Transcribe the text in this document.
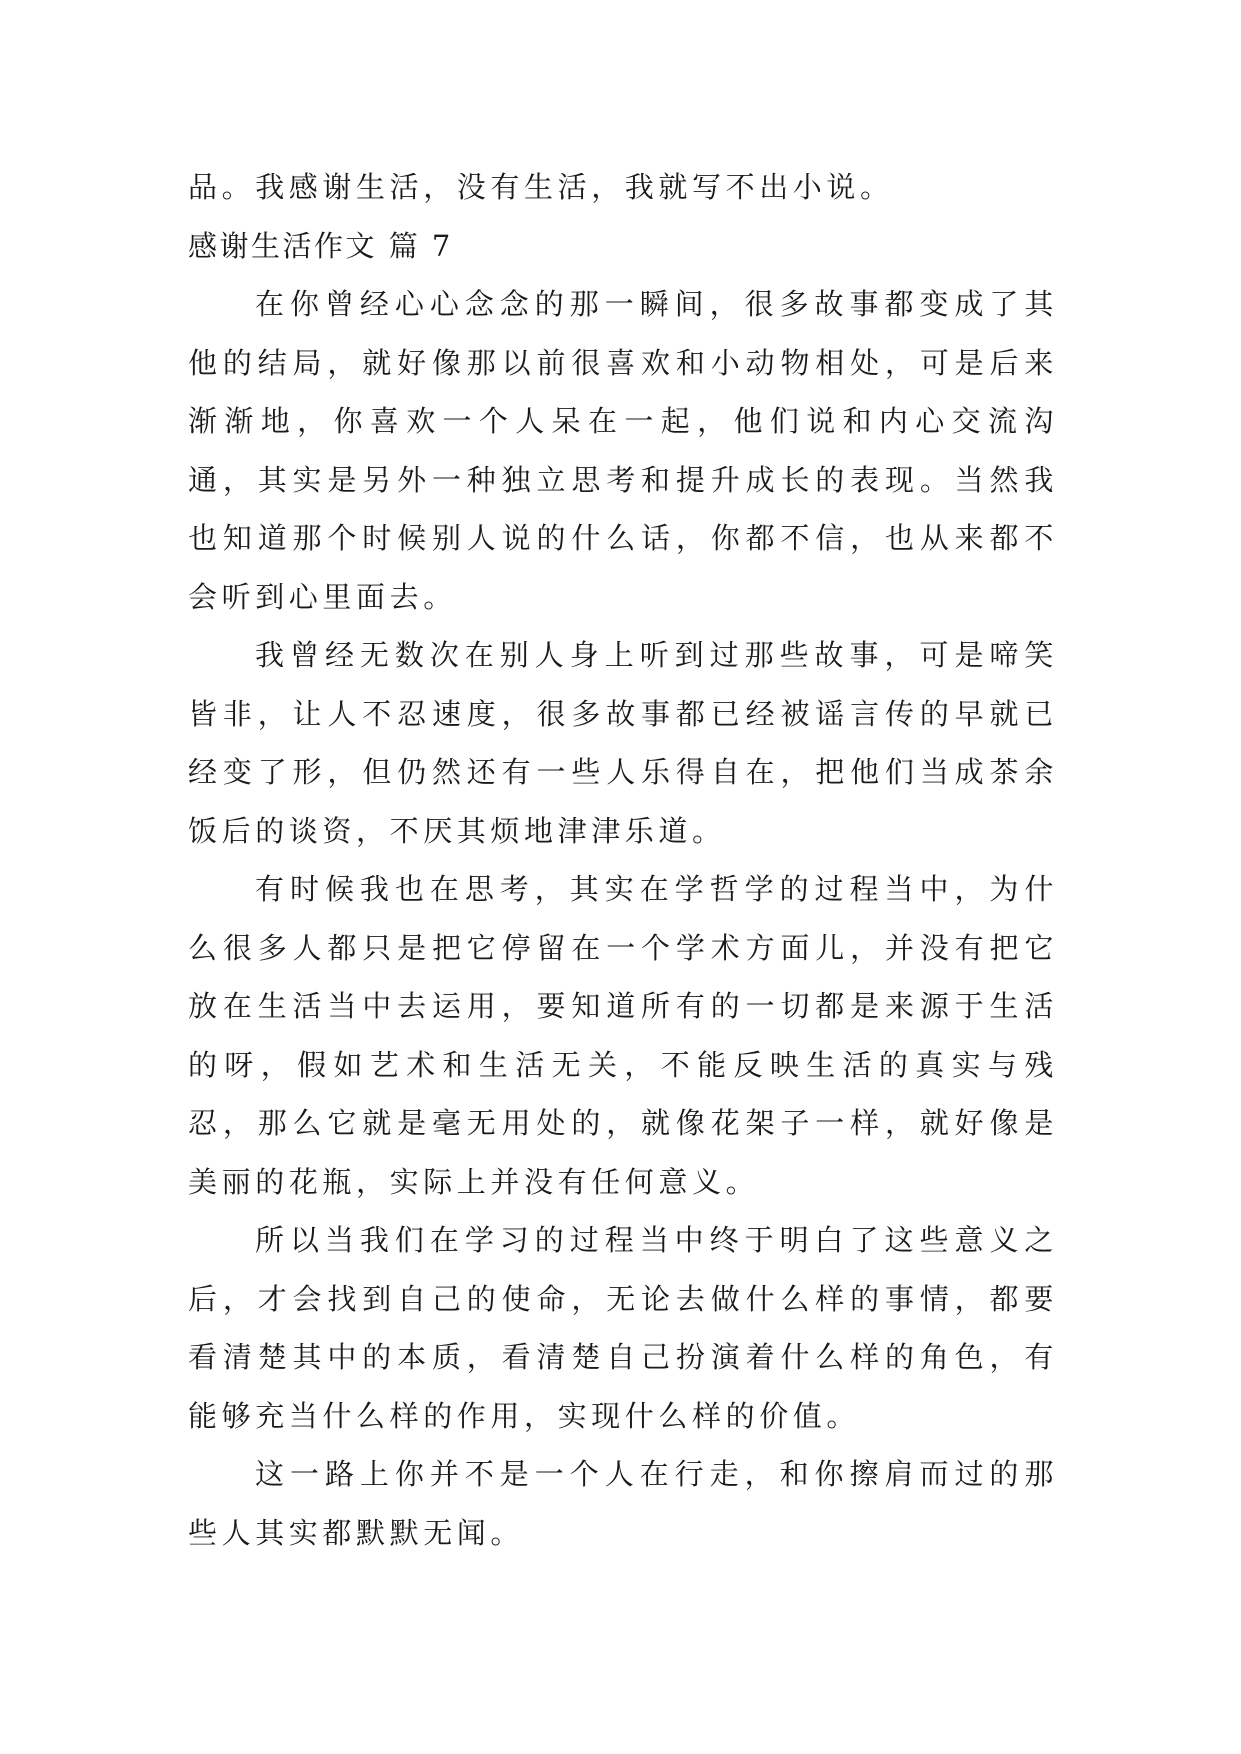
品。我感谢生活，没有生活，我就写不出小说。

感谢生活作文 篇 7

在你曾经心心念念的那一瞬间，很多故事都变成了其他的结局，就好像那以前很喜欢和小动物相处，可是后来渐渐地，你喜欢一个人呆在一起，他们说和内心交流沟通，其实是另外一种独立思考和提升成长的表现。当然我也知道那个时候别人说的什么话，你都不信，也从来都不会听到心里面去。

我曾经无数次在别人身上听到过那些故事，可是啼笑皆非，让人不忍速度，很多故事都已经被谣言传的早就已经变了形，但仍然还有一些人乐得自在，把他们当成茶余饭后的谈资，不厌其烦地津津乐道。

有时候我也在思考，其实在学哲学的过程当中，为什么很多人都只是把它停留在一个学术方面儿，并没有把它放在生活当中去运用，要知道所有的一切都是来源于生活的呀，假如艺术和生活无关，不能反映生活的真实与残忍，那么它就是毫无用处的，就像花架子一样，就好像是美丽的花瓶，实际上并没有任何意义。

所以当我们在学习的过程当中终于明白了这些意义之后，才会找到自己的使命，无论去做什么样的事情，都要看清楚其中的本质，看清楚自己扮演着什么样的角色，有能够充当什么样的作用，实现什么样的价值。

这一路上你并不是一个人在行走，和你擦肩而过的那些人其实都默默无闻。
